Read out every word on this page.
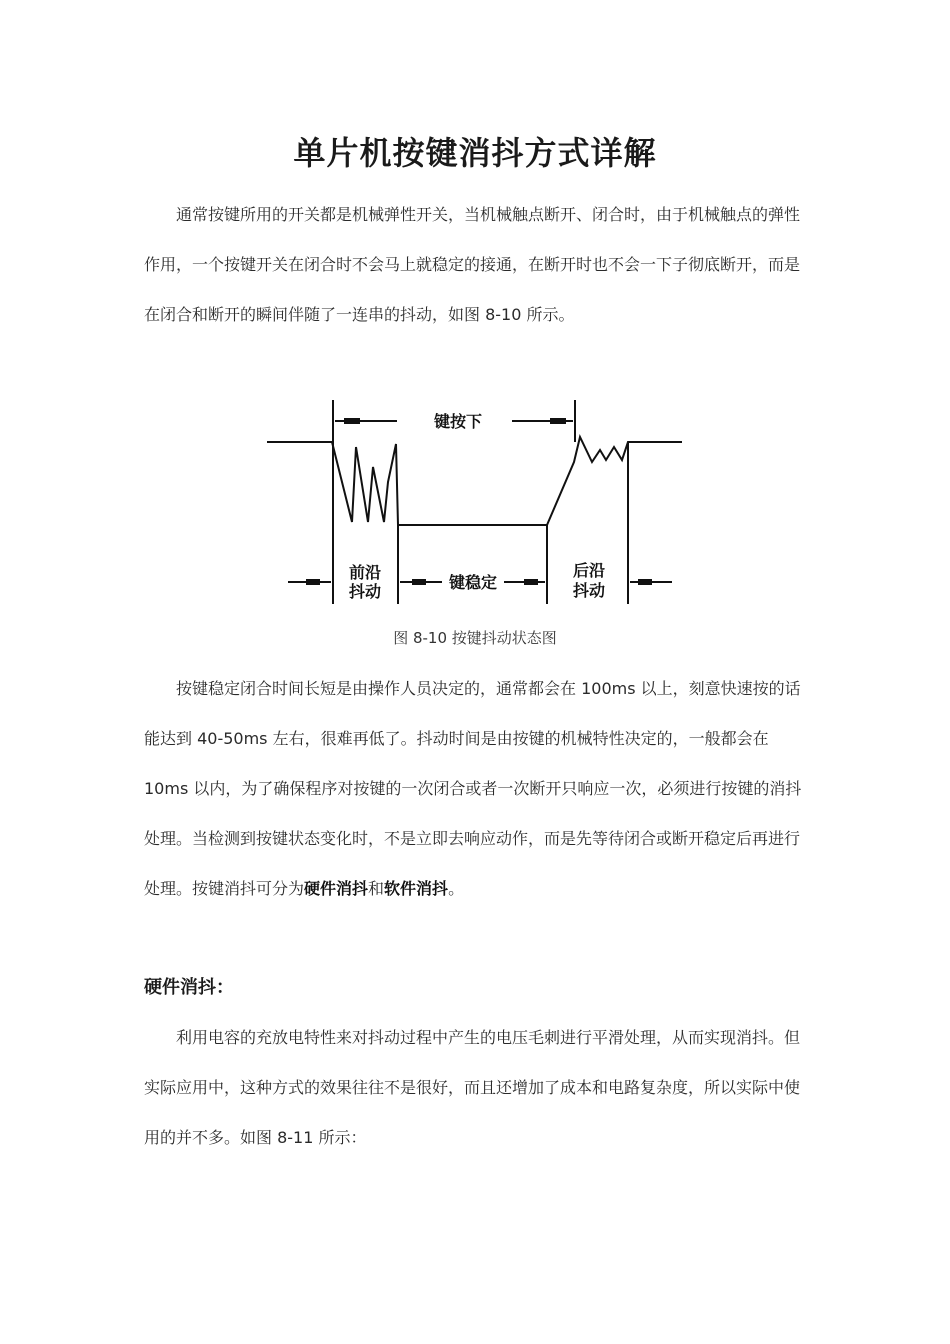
单片机按键消抖方式详解

通常按键所用的开关都是机械弹性开关，当机械触点断开、闭合时，由于机械触点的弹性作用，一个按键开关在闭合时不会马上就稳定的接通，在断开时也不会一下子彻底断开，而是在闭合和断开的瞬间伴随了一连串的抖动，如图 8-10 所示。

键按下
前沿
抖动	键稳定
后沿
抖动
图 8-10 按键抖动状态图

按键稳定闭合时间长短是由操作人员决定的，通常都会在 100ms 以上，刻意快速按的话能达到 40-50ms 左右，很难再低了。抖动时间是由按键的机械特性决定的，一般都会在 10ms 以内，为了确保程序对按键的一次闭合或者一次断开只响应一次，必须进行按键的消抖处理。当检测到按键状态变化时，不是立即去响应动作，而是先等待闭合或断开稳定后再进行处理。按键消抖可分为硬件消抖和软件消抖。

硬件消抖：

利用电容的充放电特性来对抖动过程中产生的电压毛刺进行平滑处理，从而实现消抖。但实际应用中，这种方式的效果往往不是很好，而且还增加了成本和电路复杂度，所以实际中使用的并不多。如图 8-11 所示：
